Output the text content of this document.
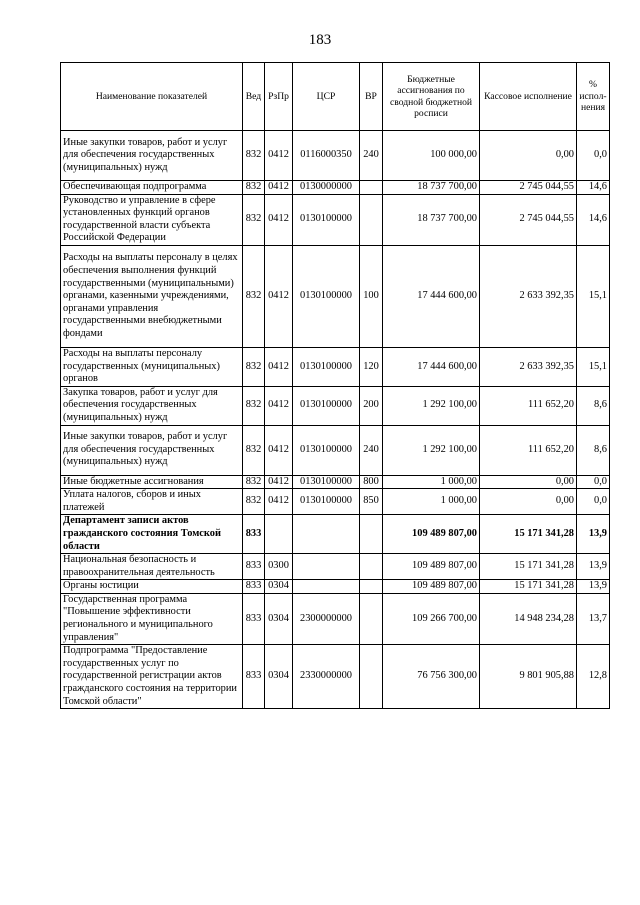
183
Наименование показателей	Вед	РзПр	ЦСР	ВР	Бюджетные ассигнования по сводной бюджетной росписи	Кассовое исполнение	% испол-нения
Иные закупки товаров, работ и услуг для обеспечения государственных (муниципальных) нужд	832	0412	0116000350	240	100 000,00	0,00	0,0
Обеспечивающая подпрограмма	832	0412	0130000000		18 737 700,00	2 745 044,55	14,6
Руководство и управление в сфере установленных функций органов государственной власти субъекта Российской Федерации	832	0412	0130100000		18 737 700,00	2 745 044,55	14,6
Расходы на выплаты персоналу в целях обеспечения выполнения функций государственными (муниципальными) органами, казенными учреждениями, органами управления государственными внебюджетными фондами	832	0412	0130100000	100	17 444 600,00	2 633 392,35	15,1
Расходы на выплаты персоналу государственных (муниципальных) органов	832	0412	0130100000	120	17 444 600,00	2 633 392,35	15,1
Закупка товаров, работ и услуг для обеспечения государственных (муниципальных) нужд	832	0412	0130100000	200	1 292 100,00	111 652,20	8,6
Иные закупки товаров, работ и услуг для обеспечения государственных (муниципальных) нужд	832	0412	0130100000	240	1 292 100,00	111 652,20	8,6
Иные бюджетные ассигнования	832	0412	0130100000	800	1 000,00	0,00	0,0
Уплата налогов, сборов и иных платежей	832	0412	0130100000	850	1 000,00	0,00	0,0
Департамент записи актов гражданского состояния Томской области	833				109 489 807,00	15 171 341,28	13,9
Национальная безопасность и правоохранительная деятельность	833	0300			109 489 807,00	15 171 341,28	13,9
Органы юстиции	833	0304			109 489 807,00	15 171 341,28	13,9
Государственная программа "Повышение эффективности регионального и муниципального управления"	833	0304	2300000000		109 266 700,00	14 948 234,28	13,7
Подпрограмма "Предоставление государственных услуг по государственной регистрации актов гражданского состояния на территории Томской области"	833	0304	2330000000		76 756 300,00	9 801 905,88	12,8
